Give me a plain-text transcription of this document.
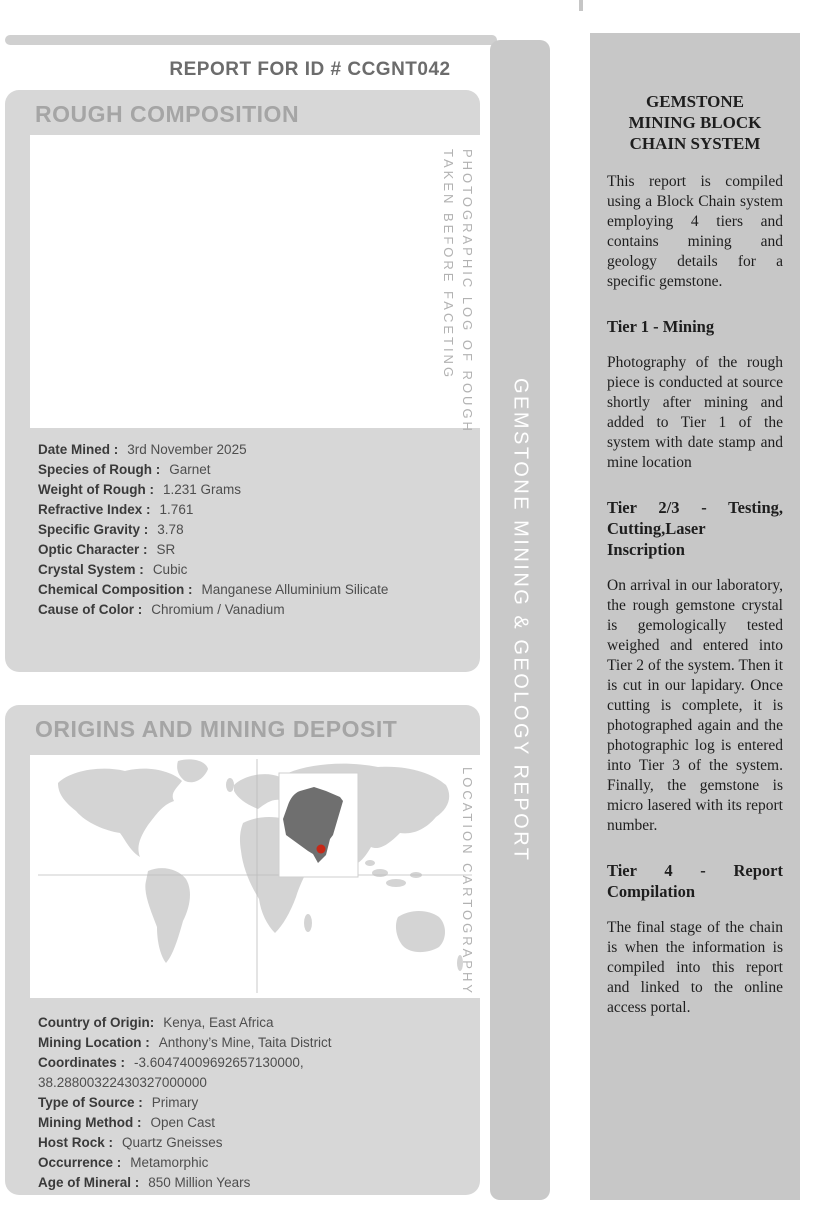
REPORT FOR ID # CCGNT042
ROUGH COMPOSITION
PHOTOGRAPHIC LOG OF ROUGH
TAKEN BEFORE FACETING
Date Mined : 3rd November 2025
Species of Rough : Garnet
Weight of Rough : 1.231 Grams
Refractive Index : 1.761
Specific Gravity : 3.78
Optic Character : SR
Crystal System : Cubic
Chemical Composition : Manganese Alluminium Silicate
Cause of Color : Chromium / Vanadium
ORIGINS AND MINING DEPOSIT
LOCATION CARTOGRAPHY
Country of Origin: Kenya, East Africa
Mining Location : Anthony’s Mine, Taita District
Coordinates : -3.60474009692657130000,  38.28800322430327000000
Type of Source : Primary
Mining Method : Open Cast
Host Rock : Quartz Gneisses
Occurrence : Metamorphic
Age of Mineral : 850 Million Years
GEMSTONE MINING & GEOLOGY REPORT
GEMSTONE
MINING BLOCK
CHAIN SYSTEM

This report is compiled using a Block Chain system employing 4 tiers and contains mining and geology details for a specific gemstone.

Tier 1 - Mining

Photography of the rough piece is conducted at source shortly after mining and added to Tier 1 of the system with date stamp and mine location

Tier 2/3 - Testing, Cutting,Laser Inscription

On arrival in our laboratory, the rough gemstone crystal is gemologically tested weighed and entered into Tier 2 of the system. Then it is cut in our lapidary. Once cutting is complete, it is photographed again and the photographic log is entered into Tier 3 of the system. Finally, the gemstone is micro lasered with its report number.

Tier 4 - Report Compilation

The final stage of the chain is when the information is compiled into this report and linked to the online access portal.
